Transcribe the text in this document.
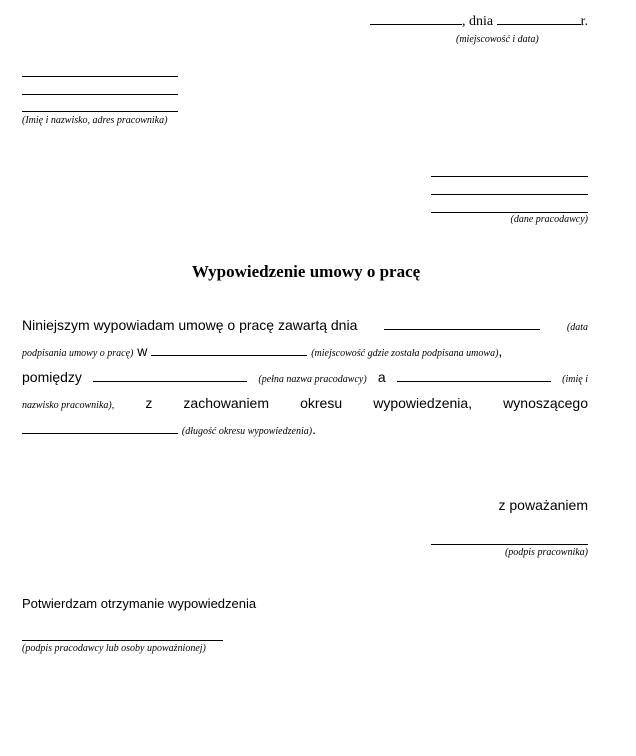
, dnia	r.
(miejscowość i data)
(Imię i nazwisko, adres pracownika)
(dane pracodawcy)
Wypowiedzenie umowy o pracę
Niniejszym wypowiadam umowę o pracę zawartą dnia	(data
podpisania umowy o pracę) w	(miejscowość gdzie została podpisana umowa),
pomiędzy	(pełna nazwa pracodawcy) a	(imię i
nazwisko pracownika), z zachowaniem okresu wypowiedzenia, wynoszącego
(długość okresu wypowiedzenia).
z poważaniem
(podpis pracownika)
Potwierdzam otrzymanie wypowiedzenia
(podpis pracodawcy lub osoby upoważnionej)
